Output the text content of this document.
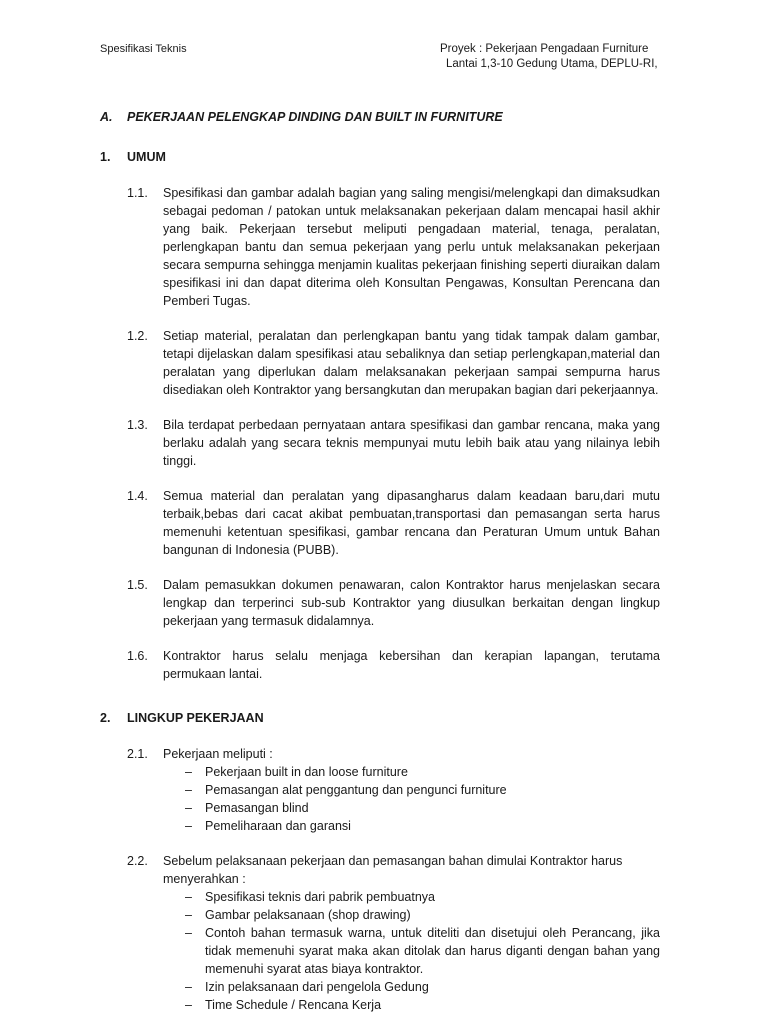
Spesifikasi Teknis	Proyek : Pekerjaan Pengadaan Furniture
Lantai 1,3-10 Gedung Utama, DEPLU-RI,
A.	PEKERJAAN PELENGKAP DINDING DAN BUILT IN FURNITURE
1.	UMUM
1.1.	Spesifikasi dan gambar adalah bagian yang saling mengisi/melengkapi dan dimaksudkan sebagai pedoman / patokan untuk melaksanakan pekerjaan dalam mencapai hasil akhir yang baik. Pekerjaan tersebut meliputi pengadaan material, tenaga, peralatan, perlengkapan bantu dan semua pekerjaan yang perlu untuk melaksanakan pekerjaan secara sempurna sehingga menjamin kualitas pekerjaan finishing seperti diuraikan dalam spesifikasi ini dan dapat diterima oleh Konsultan Pengawas, Konsultan Perencana dan Pemberi Tugas.
1.2.	Setiap material, peralatan dan perlengkapan bantu yang tidak tampak dalam gambar, tetapi dijelaskan dalam spesifikasi atau sebaliknya dan setiap perlengkapan,material dan peralatan yang diperlukan dalam melaksanakan pekerjaan sampai sempurna harus disediakan oleh Kontraktor yang bersangkutan dan merupakan bagian dari pekerjaannya.
1.3.	Bila terdapat perbedaan pernyataan antara spesifikasi dan gambar rencana, maka yang berlaku adalah yang secara teknis mempunyai mutu lebih baik atau yang nilainya lebih tinggi.
1.4.	Semua material dan peralatan yang dipasangharus dalam keadaan baru,dari mutu terbaik,bebas dari cacat akibat pembuatan,transportasi dan pemasangan serta harus memenuhi ketentuan spesifikasi, gambar rencana dan Peraturan Umum untuk Bahan bangunan di Indonesia (PUBB).
1.5.	Dalam pemasukkan dokumen penawaran, calon Kontraktor harus menjelaskan secara lengkap dan terperinci sub-sub Kontraktor yang diusulkan berkaitan dengan lingkup pekerjaan yang termasuk didalamnya.
1.6.	Kontraktor harus selalu menjaga kebersihan dan kerapian lapangan, terutama permukaan lantai.
2.	LINGKUP PEKERJAAN
2.1.	Pekerjaan meliputi :
–	Pekerjaan built in dan loose furniture
–	Pemasangan alat penggantung dan pengunci furniture
–	Pemasangan blind
–	Pemeliharaan dan garansi
2.2.	Sebelum pelaksanaan pekerjaan dan pemasangan bahan dimulai Kontraktor harus menyerahkan :
–	Spesifikasi teknis dari pabrik pembuatnya
–	Gambar pelaksanaan (shop drawing)
–	Contoh bahan termasuk warna, untuk diteliti dan disetujui oleh Perancang, jika tidak memenuhi syarat maka akan ditolak dan harus diganti dengan bahan yang memenuhi syarat atas biaya kontraktor.
–	Izin pelaksanaan dari pengelola Gedung
–	Time Schedule / Rencana Kerja
